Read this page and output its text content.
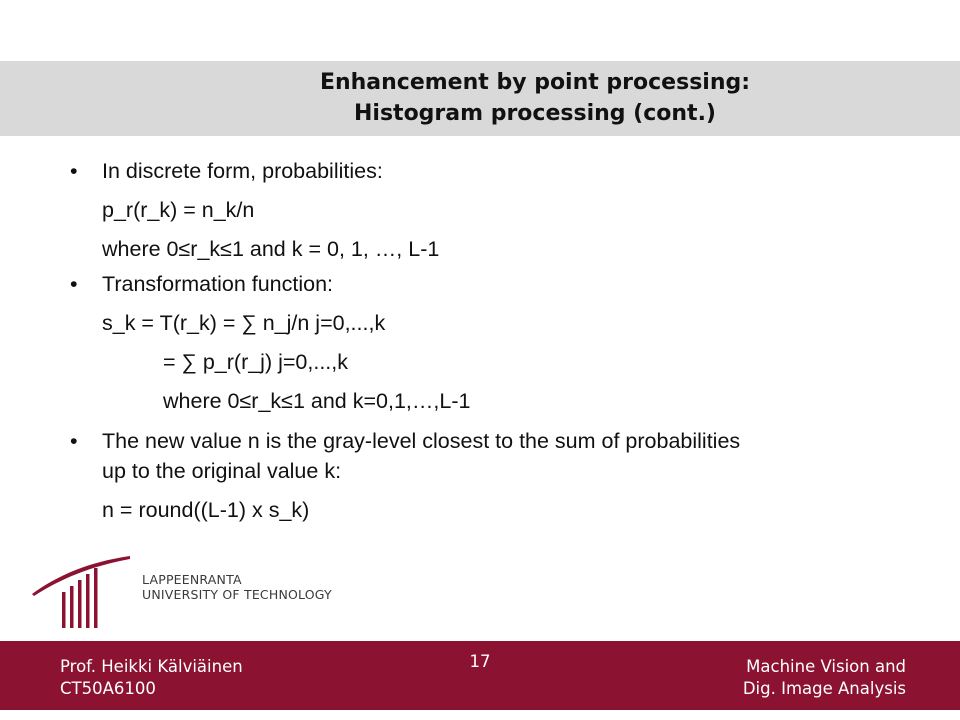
Enhancement by point processing:
Histogram processing (cont.)
• In discrete form, probabilities:
p_r(r_k) = n_k/n
where 0≤r_k≤1 and k = 0, 1, …, L-1
• Transformation function:
s_k = T(r_k) = ∑ n_j/n j=0,...,k
= ∑ p_r(r_j) j=0,...,k
where 0≤r_k≤1 and k=0,1,…,L-1
• The new value n is the gray-level closest to the sum of probabilities
up to the original value k:
n = round((L-1) x s_k)
LAPPEENRANTA
UNIVERSITY OF TECHNOLOGY
Prof. Heikki Kälviäinen
CT50A6100
17	Machine Vision and
Dig. Image Analysis
